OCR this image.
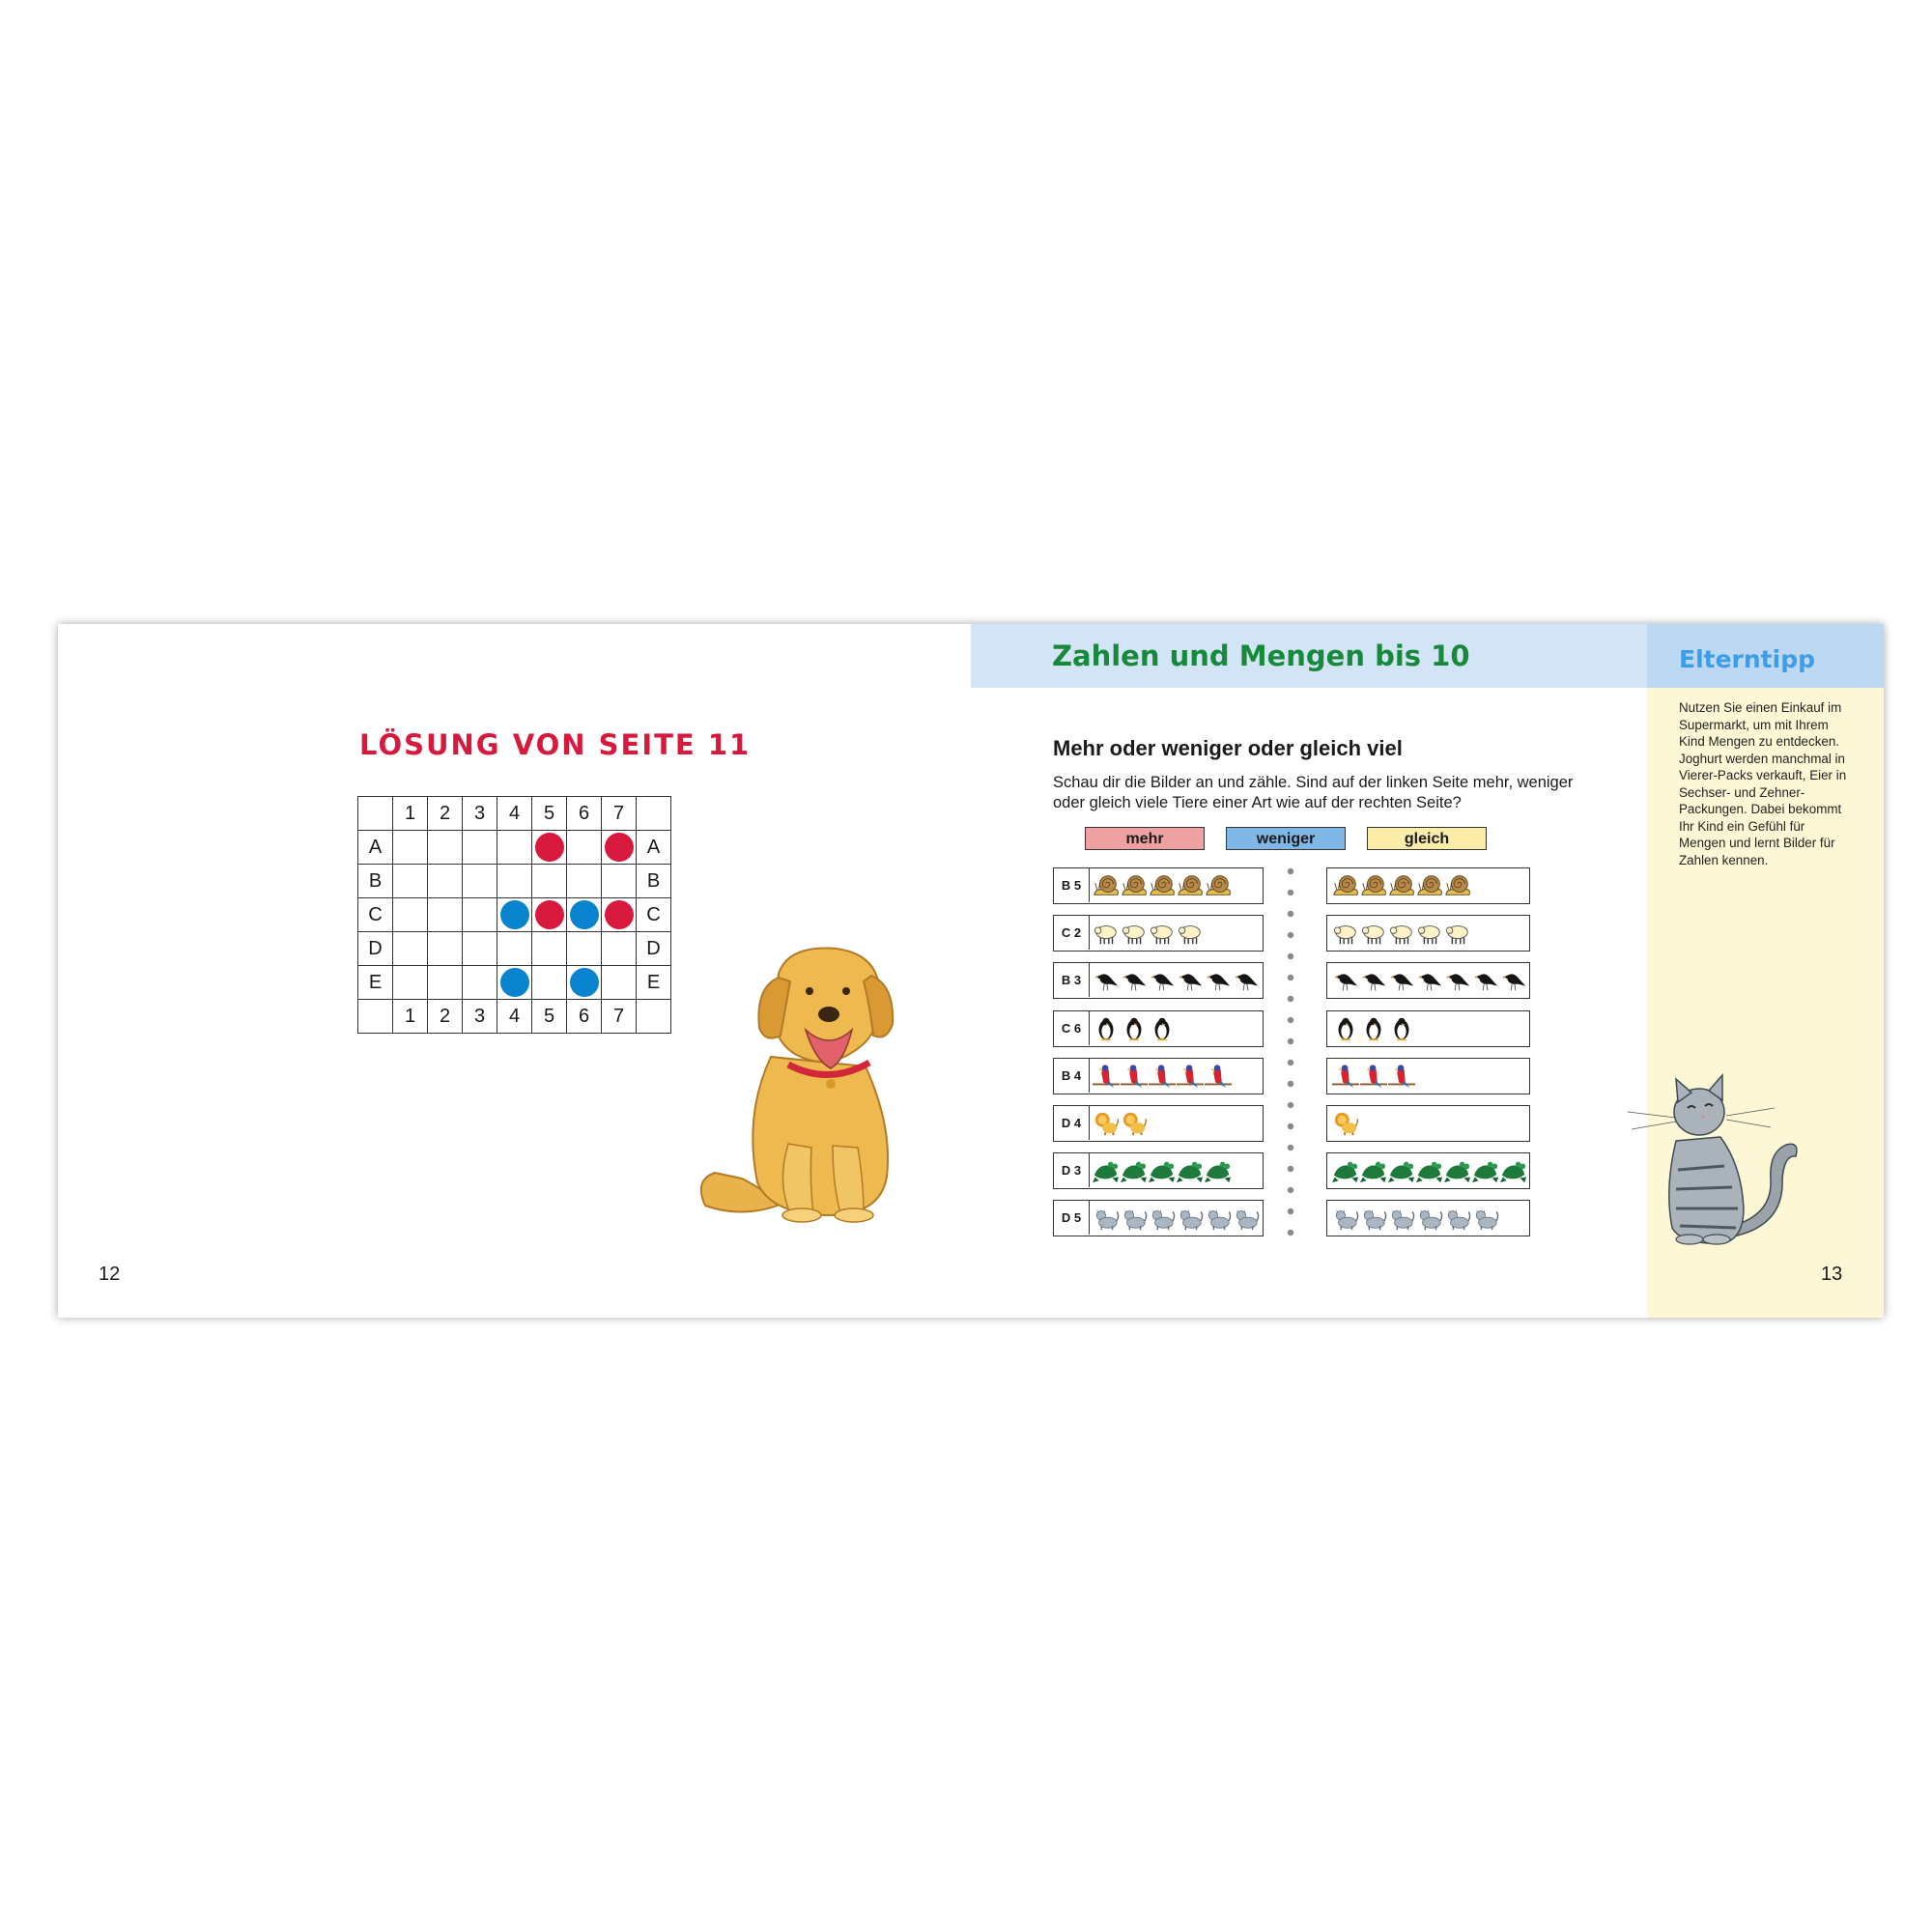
LÖSUNG VON SEITE 11
	1	2	3	4	5	6	7	
A								A
B								B
C								C
D								D
E								E
	1	2	3	4	5	6	7	
12
Zahlen und Mengen bis 10	Elterntipp

Nutzen Sie einen Einkauf im Supermarkt, um mit Ihrem Kind Mengen zu entdecken. Joghurt werden manchmal in Vierer-Packs verkauft, Eier in Sechser- und Zehner-Packungen. Dabei bekommt Ihr Kind ein Gefühl für Mengen und lernt Bilder für Zahlen kennen.

13
Mehr oder weniger oder gleich viel

Schau dir die Bilder an und zähle. Sind auf der linken Seite mehr, weniger oder gleich viele Tiere einer Art wie auf der rechten Seite?

mehr	weniger	gleich
B 5
C 2
B 3
C 6
B 4
D 4
D 3
D 5
